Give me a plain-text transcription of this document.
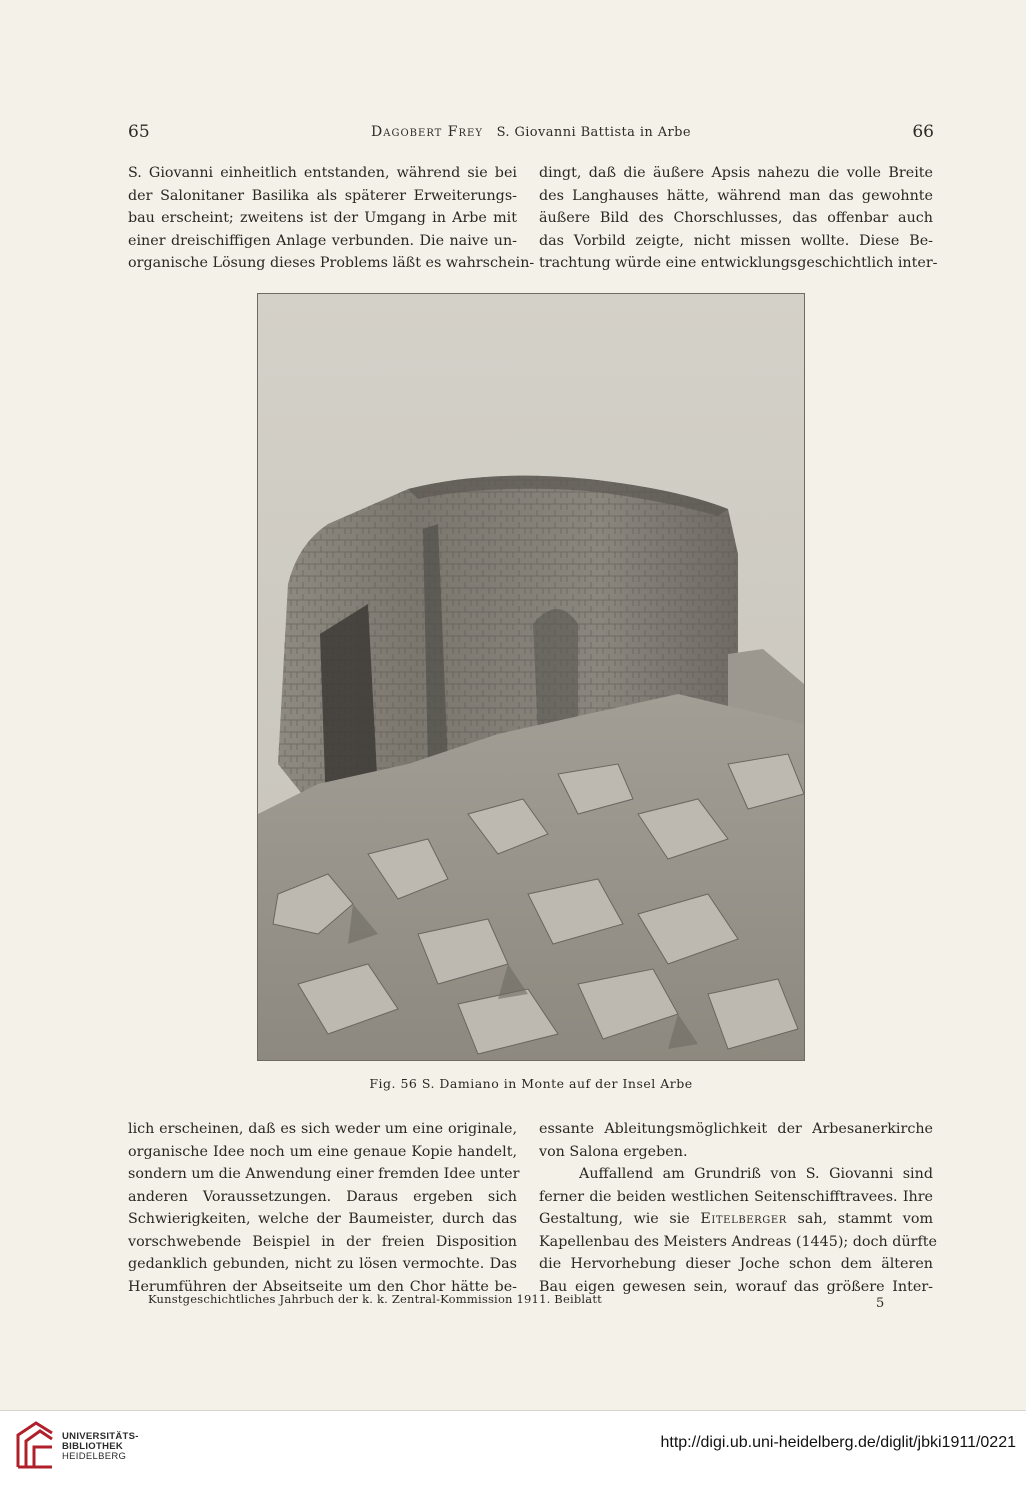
65	Dagobert Frey S. Giovanni Battista in Arbe	66
S. Giovanni einheitlich entstanden, während sie bei
der Salonitaner Basilika als späterer Erweiterungs-
bau erscheint; zweitens ist der Umgang in Arbe mit
einer dreischiffigen Anlage verbunden. Die naive un-
organische Lösung dieses Problems läßt es wahrschein-
dingt, daß die äußere Apsis nahezu die volle Breite
des Langhauses hätte, während man das gewohnte
äußere Bild des Chorschlusses, das offenbar auch
das Vorbild zeigte, nicht missen wollte. Diese Be-
trachtung würde eine entwicklungsgeschichtlich inter-
Fig. 56 S. Damiano in Monte auf der Insel Arbe
lich erscheinen, daß es sich weder um eine originale,
organische Idee noch um eine genaue Kopie handelt,
sondern um die Anwendung einer fremden Idee unter
anderen Voraussetzungen. Daraus ergeben sich
Schwierigkeiten, welche der Baumeister, durch das
vorschwebende Beispiel in der freien Disposition
gedanklich gebunden, nicht zu lösen vermochte. Das
Herumführen der Abseitseite um den Chor hätte be-
essante Ableitungsmöglichkeit der Arbesanerkirche
von Salona ergeben.
Auffallend am Grundriß von S. Giovanni sind
ferner die beiden westlichen Seitenschifftravees. Ihre
Gestaltung, wie sie Eitelberger sah, stammt vom
Kapellenbau des Meisters Andreas (1445); doch dürfte
die Hervorhebung dieser Joche schon dem älteren
Bau eigen gewesen sein, worauf das größere Inter-
Kunstgeschichtliches Jahrbuch der k. k. Zentral-Kommission 1911. Beiblatt	5
UNIVERSITÄTS-
BIBLIOTHEK
HEIDELBERG
http://digi.ub.uni-heidelberg.de/diglit/jbki1911/0221
